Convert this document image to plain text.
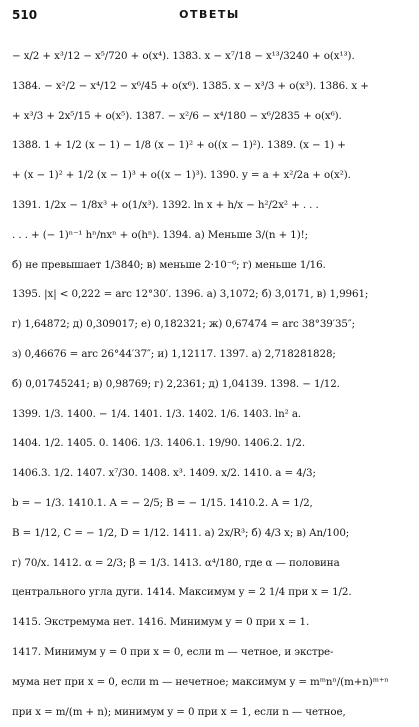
510	ОТВЕТЫ
− x/2 + x³/12 − x⁵/720 + o(x⁴). 1383. x − x⁷/18 − x¹³/3240 + o(x¹³).
1384. − x²/2 − x⁴/12 − x⁶/45 + o(x⁶). 1385. x − x³/3 + o(x³). 1386. x +
+ x³/3 + 2x⁵/15 + o(x⁵). 1387. − x²/6 − x⁴/180 − x⁶/2835 + o(x⁶).
1388. 1 + 1/2 (x − 1) − 1/8 (x − 1)² + o((x − 1)²). 1389. (x − 1) +
+ (x − 1)² + 1/2 (x − 1)³ + o((x − 1)³). 1390. y = a + x²/2a + o(x²).
1391. 1/2x − 1/8x³ + o(1/x³). 1392. ln x + h/x − h²/2x² + . . .
. . . + (− 1)ⁿ⁻¹ hⁿ/nxⁿ + o(hⁿ). 1394. а) Меньше 3/(n + 1)!;
б) не превышает 1/3840; в) меньше 2·10⁻⁶; г) меньше 1/16.
1395. |x| < 0,222 = arc 12°30′. 1396. а) 3,1072; б) 3,0171, в) 1,9961;
г) 1,64872; д) 0,309017; е) 0,182321; ж) 0,67474 = arc 38°39′35″;
з) 0,46676 = arc 26°44′37″; и) 1,12117. 1397. а) 2,718281828;
б) 0,01745241; в) 0,98769; г) 2,2361; д) 1,04139. 1398. − 1/12.
1399. 1/3. 1400. − 1/4. 1401. 1/3. 1402. 1/6. 1403. ln² a.
1404. 1/2. 1405. 0. 1406. 1/3. 1406.1. 19/90. 1406.2. 1/2.
1406.3. 1/2. 1407. x⁷/30. 1408. x³. 1409. x/2. 1410. a = 4/3;
b = − 1/3. 1410.1. A = − 2/5; B = − 1/15. 1410.2. A = 1/2,
B = 1/12, C = − 1/2, D = 1/12. 1411. а) 2x/R³; б) 4/3 x; в) An/100;
г) 70/x. 1412. α = 2/3; β = 1/3. 1413. α⁴/180, где α — половина
центрального угла дуги. 1414. Максимум y = 2 1/4 при x = 1/2.
1415. Экстремума нет. 1416. Минимум y = 0 при x = 1.
1417. Минимум y = 0 при x = 0, если m — четное, и экстре-
мума нет при x = 0, если m — нечетное; максимум y = mᵐnⁿ/(m+n)ᵐ⁺ⁿ
при x = m/(m + n); минимум y = 0 при x = 1, если n — четное,
